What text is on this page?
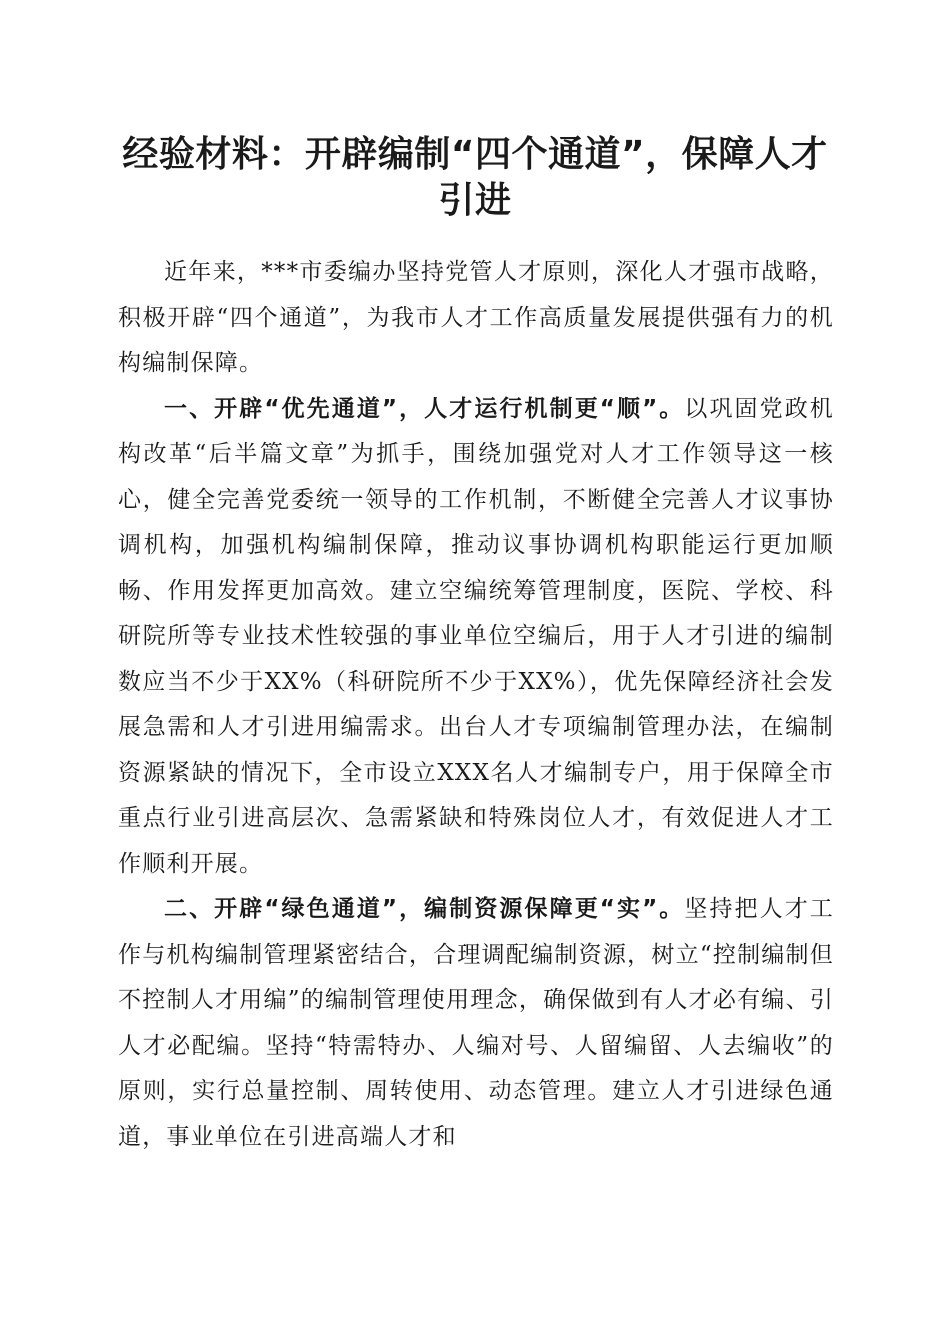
经验材料：开辟编制“四个通道”，保障人才引进

近年来，***市委编办坚持党管人才原则，深化人才强市战略，积极开辟“四个通道”，为我市人才工作高质量发展提供强有力的机构编制保障。

一、开辟“优先通道”，人才运行机制更“顺”。以巩固党政机构改革“后半篇文章”为抓手，围绕加强党对人才工作领导这一核心，健全完善党委统一领导的工作机制，不断健全完善人才议事协调机构，加强机构编制保障，推动议事协调机构职能运行更加顺畅、作用发挥更加高效。建立空编统筹管理制度，医院、学校、科研院所等专业技术性较强的事业单位空编后，用于人才引进的编制数应当不少于XX%（科研院所不少于XX%），优先保障经济社会发展急需和人才引进用编需求。出台人才专项编制管理办法，在编制资源紧缺的情况下，全市设立XXX名人才编制专户，用于保障全市重点行业引进高层次、急需紧缺和特殊岗位人才，有效促进人才工作顺利开展。

二、开辟“绿色通道”，编制资源保障更“实”。坚持把人才工作与机构编制管理紧密结合，合理调配编制资源，树立“控制编制但不控制人才用编”的编制管理使用理念，确保做到有人才必有编、引人才必配编。坚持“特需特办、人编对号、人留编留、人去编收”的原则，实行总量控制、周转使用、动态管理。建立人才引进绿色通道，事业单位在引进高端人才和
